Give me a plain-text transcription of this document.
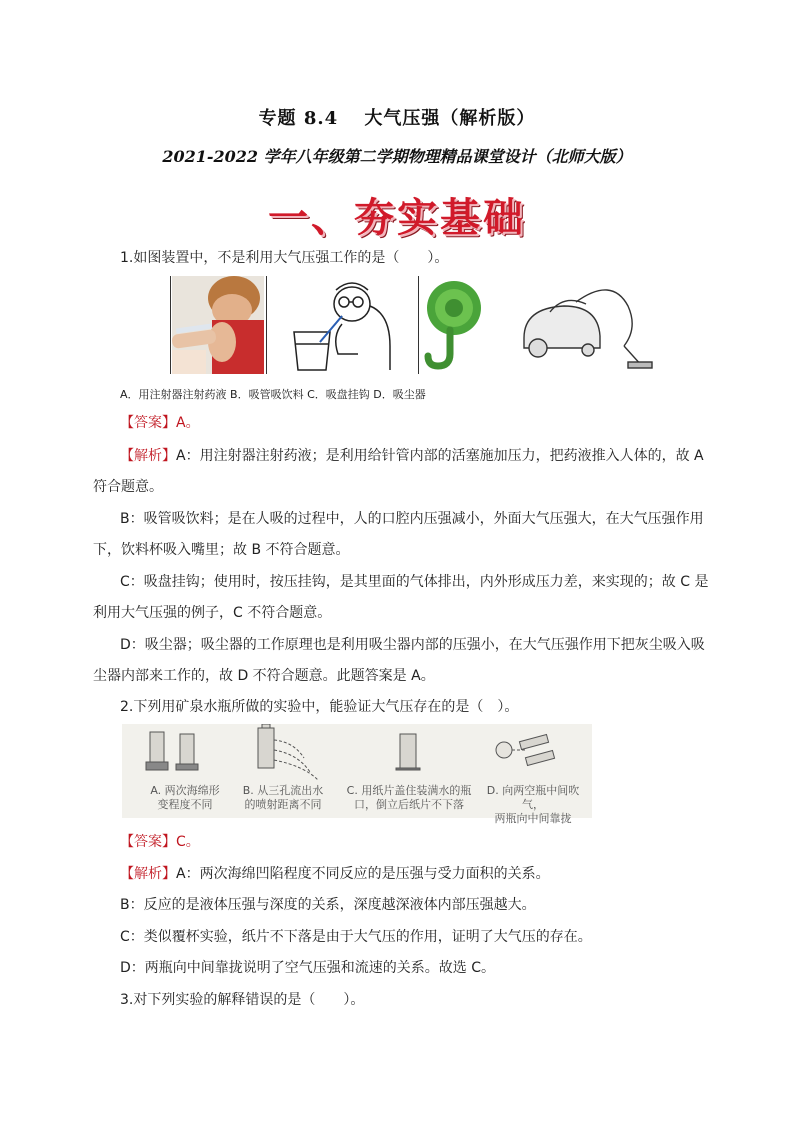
专题 8.4 　大气压强（解析版）
2021-2022 学年八年级第二学期物理精品课堂设计（北师大版）
一、夯实基础
1.如图装置中，不是利用大气压强工作的是（　　）。
A．用注射器注射药液 B．吸管吸饮料 C．吸盘挂钩 D．吸尘器
【答案】A。
【解析】A：用注射器注射药液；是利用给针管内部的活塞施加压力，把药液推入人体的，故 A
符合题意。
B：吸管吸饮料；是在人吸的过程中，人的口腔内压强减小，外面大气压强大，在大气压强作用
下，饮料杯吸入嘴里；故 B 不符合题意。
C：吸盘挂钩；使用时，按压挂钩，是其里面的气体排出，内外形成压力差，来实现的；故 C 是
利用大气压强的例子，C 不符合题意。
D：吸尘器；吸尘器的工作原理也是利用吸尘器内部的压强小，在大气压强作用下把灰尘吸入吸
尘器内部来工作的，故 D 不符合题意。此题答案是 A。
2.下列用矿泉水瓶所做的实验中，能验证大气压存在的是（　）。
A. 两次海绵形
变程度不同
B. 从三孔流出水
的喷射距离不同
C. 用纸片盖住装满水的瓶
口，倒立后纸片不下落
D. 向两空瓶中间吹气，
两瓶向中间靠拢
【答案】C。
【解析】A：两次海绵凹陷程度不同反应的是压强与受力面积的关系。
B：反应的是液体压强与深度的关系，深度越深液体内部压强越大。
C：类似覆杯实验，纸片不下落是由于大气压的作用，证明了大气压的存在。
D：两瓶向中间靠拢说明了空气压强和流速的关系。故选 C。
3.对下列实验的解释错误的是（　　）。
